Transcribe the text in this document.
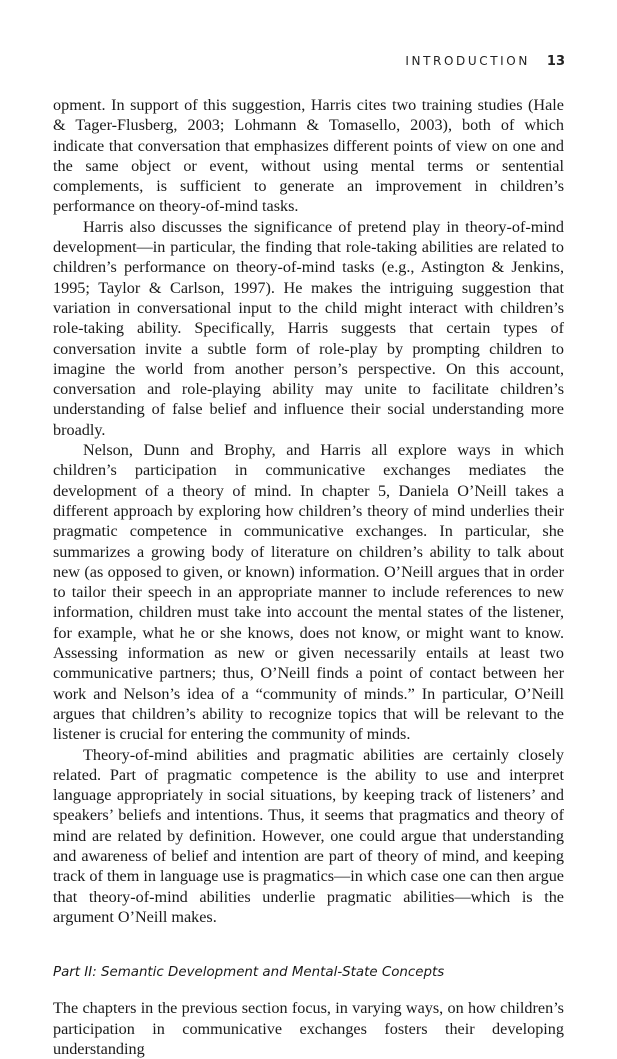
INTRODUCTION 13

opment. In support of this suggestion, Harris cites two training studies (Hale & Tager-Flusberg, 2003; Lohmann & Tomasello, 2003), both of which indicate that conversation that emphasizes different points of view on one and the same object or event, without using mental terms or sentential complements, is sufficient to generate an improvement in children’s performance on theory-of-mind tasks.

Harris also discusses the significance of pretend play in theory-of-mind development—in particular, the finding that role-taking abilities are related to children’s performance on theory-of-mind tasks (e.g., Astington & Jenkins, 1995; Taylor & Carlson, 1997). He makes the intriguing suggestion that variation in conversational input to the child might interact with children’s role-taking ability. Specifically, Harris suggests that certain types of conversation invite a subtle form of role-play by prompting children to imagine the world from another person’s perspective. On this account, conversation and role-playing ability may unite to facilitate children’s understanding of false belief and influence their social understanding more broadly.

Nelson, Dunn and Brophy, and Harris all explore ways in which children’s participation in communicative exchanges mediates the development of a theory of mind. In chapter 5, Daniela O’Neill takes a different approach by exploring how children’s theory of mind underlies their pragmatic competence in communicative exchanges. In particular, she summarizes a growing body of literature on children’s ability to talk about new (as opposed to given, or known) information. O’Neill argues that in order to tailor their speech in an appropriate manner to include references to new information, children must take into account the mental states of the listener, for example, what he or she knows, does not know, or might want to know. Assessing information as new or given necessarily entails at least two communicative partners; thus, O’Neill finds a point of contact between her work and Nelson’s idea of a “community of minds.” In particular, O’Neill argues that children’s ability to recognize topics that will be relevant to the listener is crucial for entering the community of minds.

Theory-of-mind abilities and pragmatic abilities are certainly closely related. Part of pragmatic competence is the ability to use and interpret language appropriately in social situations, by keeping track of listeners’ and speakers’ beliefs and intentions. Thus, it seems that pragmatics and theory of mind are related by definition. However, one could argue that understanding and awareness of belief and intention are part of theory of mind, and keeping track of them in language use is pragmatics—in which case one can then argue that theory-of-mind abilities underlie pragmatic abilities—which is the argument O’Neill makes.

Part II: Semantic Development and Mental-State Concepts

The chapters in the previous section focus, in varying ways, on how children’s participation in communicative exchanges fosters their developing understanding
